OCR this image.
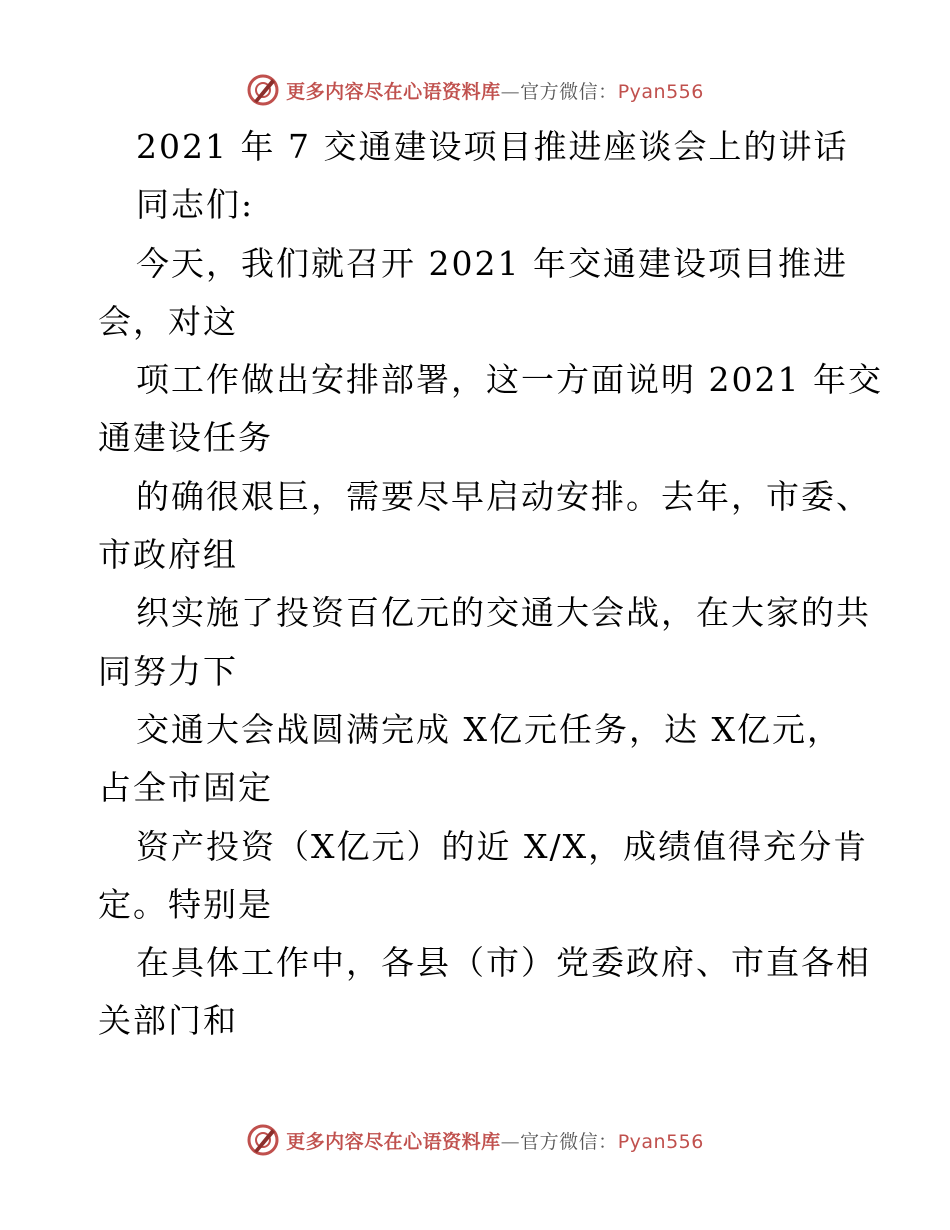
更多内容尽在心语资料库—官方微信：Pyan556
2021 年 7 交通建设项目推进座谈会上的讲话
同志们:
今天，我们就召开 2021 年交通建设项目推进
会，对这
项工作做出安排部署，这一方面说明 2021 年交
通建设任务
的确很艰巨，需要尽早启动安排。去年，市委、
市政府组
织实施了投资百亿元的交通大会战，在大家的共
同努力下
交通大会战圆满完成 X亿元任务，达 X亿元，
占全市固定
资产投资（X亿元）的近 X/X，成绩值得充分肯
定。特别是
在具体工作中，各县（市）党委政府、市直各相
关部门和
更多内容尽在心语资料库—官方微信：Pyan556
